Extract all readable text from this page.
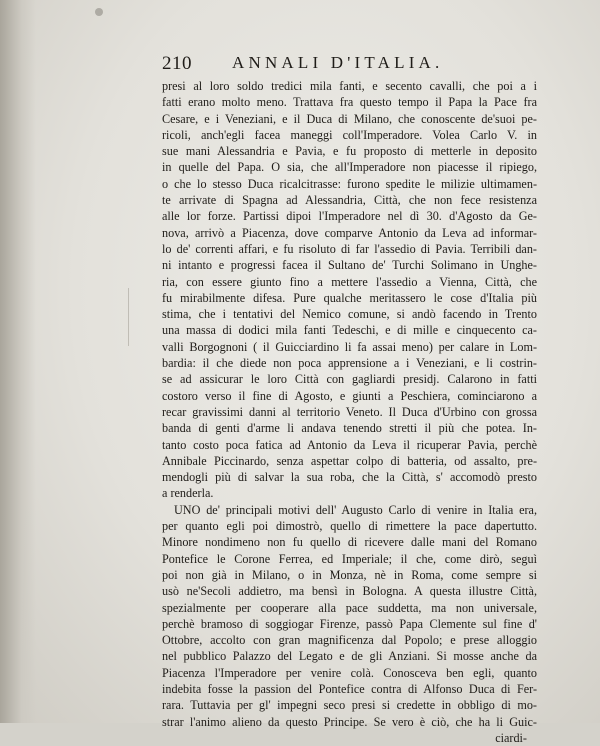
210 ANNALI D'ITALIA.
presi al loro soldo tredici mila fanti, e secento cavalli, che poi a i
fatti erano molto meno. Trattava fra questo tempo il Papa la Pace fra
Cesare, e i Veneziani, e il Duca di Milano, che conoscente de'suoi pe-
ricoli, anch'egli facea maneggi coll'Imperadore. Volea Carlo V. in
sue mani Alessandria e Pavia, e fu proposto di metterle in deposito
in quelle del Papa. O sia, che all'Imperadore non piacesse il ripiego,
o che lo stesso Duca ricalcitrasse: furono spedite le milizie ultimamen-
te arrivate di Spagna ad Alessandria, Città, che non fece resistenza
alle lor forze. Partissi dipoi l'Imperadore nel dì 30. d'Agosto da Ge-
nova, arrivò a Piacenza, dove comparve Antonio da Leva ad informar-
lo de' correnti affari, e fu risoluto di far l'assedio di Pavia. Terribili dan-
ni intanto e progressi facea il Sultano de' Turchi Solimano in Unghe-
ria, con essere giunto fino a mettere l'assedio a Vienna, Città, che
fu mirabilmente difesa. Pure qualche meritassero le cose d'Italia più
stima, che i tentativi del Nemico comune, si andò facendo in Trento
una massa di dodici mila fanti Tedeschi, e di mille e cinquecento ca-
valli Borgognoni ( il Guicciardino li fa assai meno) per calare in Lom-
bardia: il che diede non poca apprensione a i Veneziani, e li costrin-
se ad assicurar le loro Città con gagliardi presidj. Calarono in fatti
costoro verso il fine di Agosto, e giunti a Peschiera, cominciarono a
recar gravissimi danni al territorio Veneto. Il Duca d'Urbino con grossa
banda di genti d'arme li andava tenendo stretti il più che potea. In-
tanto costo poca fatica ad Antonio da Leva il ricuperar Pavia, perchè
Annibale Piccinardo, senza aspettar colpo di batteria, od assalto, pre-
mendogli più di salvar la sua roba, che la Città, s' accomodò presto
a renderla.
UNO de' principali motivi dell' Augusto Carlo di venire in Italia era,
per quanto egli poi dimostrò, quello di rimettere la pace dapertutto.
Minore nondimeno non fu quello di ricevere dalle mani del Romano
Pontefice le Corone Ferrea, ed Imperiale; il che, come dirò, seguì
poi non già in Milano, o in Monza, nè in Roma, come sempre si
usò ne'Secoli addietro, ma bensì in Bologna. A questa illustre Città,
spezialmente per cooperare alla pace suddetta, ma non universale,
perchè bramoso di soggiogar Firenze, passò Papa Clemente sul fine d'
Ottobre, accolto con gran magnificenza dal Popolo; e prese alloggio
nel pubblico Palazzo del Legato e de gli Anziani. Si mosse anche da
Piacenza l'Imperadore per venire colà. Conosceva ben egli, quanto
indebita fosse la passion del Pontefice contra di Alfonso Duca di Fer-
rara. Tuttavia per gl' impegni seco presi si credette in obbligo di mo-
strar l'animo alieno da questo Principe. Se vero è ciò, che ha li Guic-
ciardi-
